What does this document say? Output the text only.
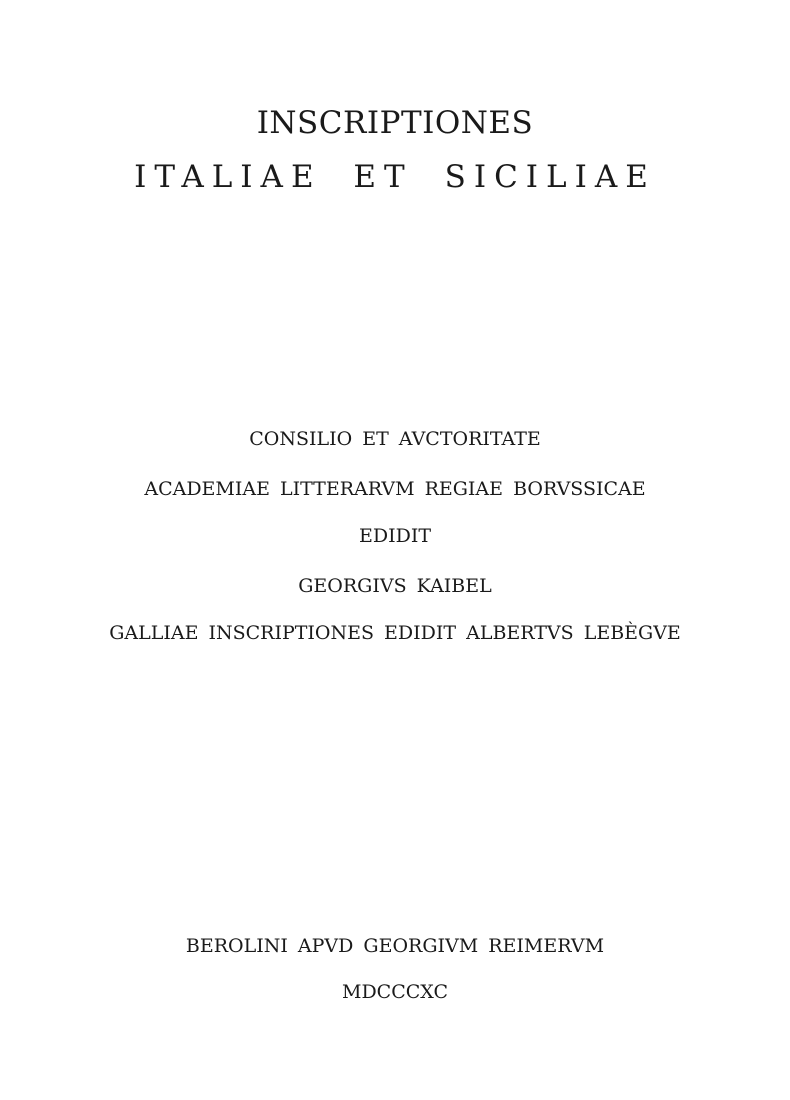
INSCRIPTIONES
ITALIAE ET SICILIAE
CONSILIO ET AVCTORITATE
ACADEMIAE LITTERARVM REGIAE BORVSSICAE
EDIDIT
GEORGIVS KAIBEL
GALLIAE INSCRIPTIONES EDIDIT ALBERTVS LEBÈGVE
BEROLINI APVD GEORGIVM REIMERVM
MDCCCXC
